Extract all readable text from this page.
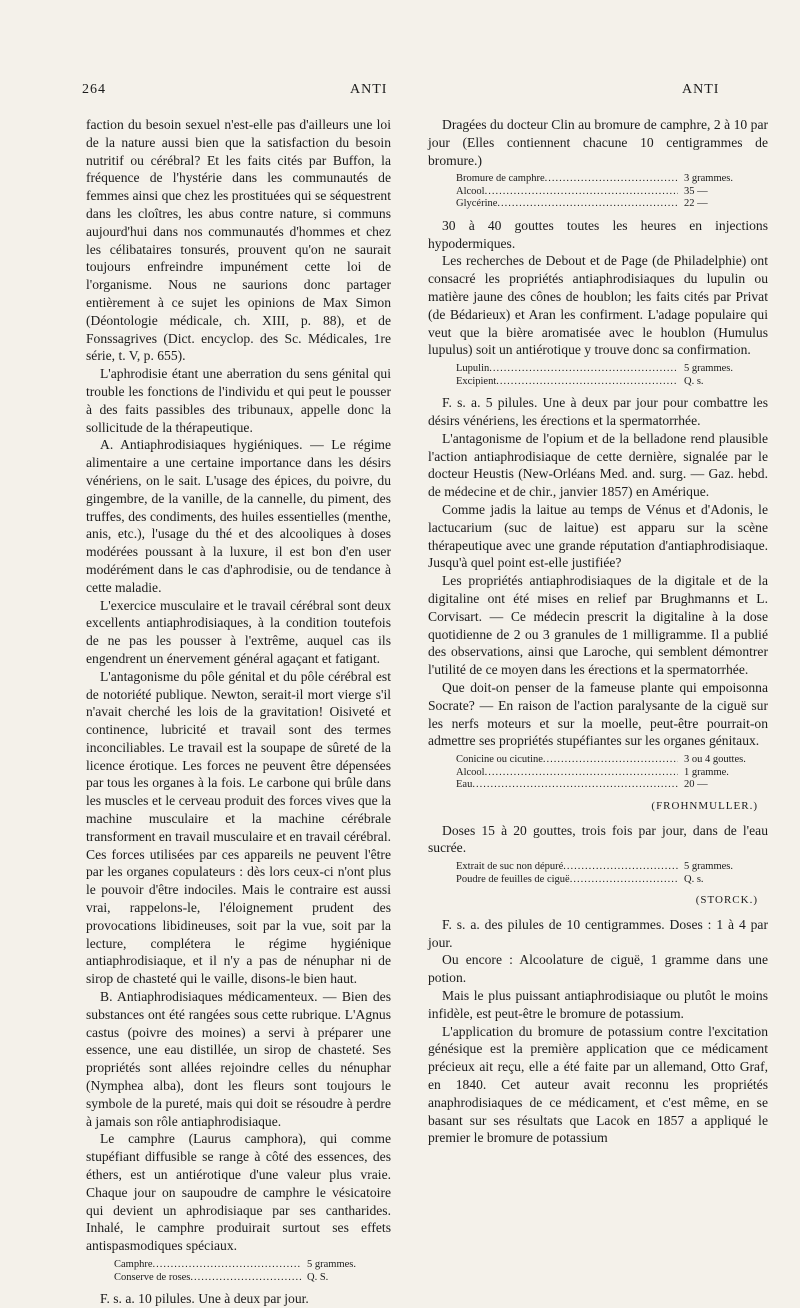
264	ANTI	ANTI

faction du besoin sexuel n'est-elle pas d'ailleurs une loi de la nature aussi bien que la satisfaction du besoin nutritif ou cérébral? Et les faits cités par Buffon, la fréquence de l'hystérie dans les communautés de femmes ainsi que chez les prostituées qui se séquestrent dans les cloîtres, les abus contre nature, si communs aujourd'hui dans nos communautés d'hommes et chez les célibataires tonsurés, prouvent qu'on ne saurait toujours enfreindre impunément cette loi de l'organisme. Nous ne saurions donc partager entièrement à ce sujet les opinions de Max Simon (Déontologie médicale, ch. XIII, p. 88), et de Fonssagrives (Dict. encyclop. des Sc. Médicales, 1re série, t. V, p. 655).

L'aphrodisie étant une aberration du sens génital qui trouble les fonctions de l'individu et qui peut le pousser à des faits passibles des tribunaux, appelle donc la sollicitude de la thérapeutique.

A. Antiaphrodisiaques hygiéniques. — Le régime alimentaire a une certaine importance dans les désirs vénériens, on le sait. L'usage des épices, du poivre, du gingembre, de la vanille, de la cannelle, du piment, des truffes, des condiments, des huiles essentielles (menthe, anis, etc.), l'usage du thé et des alcooliques à doses modérées poussant à la luxure, il est bon d'en user modérément dans le cas d'aphrodisie, ou de tendance à cette maladie.

L'exercice musculaire et le travail cérébral sont deux excellents antiaphrodisiaques, à la condition toutefois de ne pas les pousser à l'extrême, auquel cas ils engendrent un énervement général agaçant et fatigant.

L'antagonisme du pôle génital et du pôle cérébral est de notoriété publique. Newton, serait-il mort vierge s'il n'avait cherché les lois de la gravitation! Oisiveté et continence, lubricité et travail sont des termes inconciliables. Le travail est la soupape de sûreté de la licence érotique. Les forces ne peuvent être dépensées par tous les organes à la fois. Le carbone qui brûle dans les muscles et le cerveau produit des forces vives que la machine musculaire et la machine cérébrale transforment en travail musculaire et en travail cérébral. Ces forces utilisées par ces appareils ne peuvent l'être par les organes copulateurs : dès lors ceux-ci n'ont plus le pouvoir d'être indociles. Mais le contraire est aussi vrai, rappelons-le, l'éloignement prudent des provocations libidineuses, soit par la vue, soit par la lecture, complétera le régime hygiénique antiaphrodisiaque, et il n'y a pas de nénuphar ni de sirop de chasteté qui le vaille, disons-le bien haut.

B. Antiaphrodisiaques médicamenteux. — Bien des substances ont été rangées sous cette rubrique. L'Agnus castus (poivre des moines) a servi à préparer une essence, une eau distillée, un sirop de chasteté. Ses propriétés sont allées rejoindre celles du nénuphar (Nymphea alba), dont les fleurs sont toujours le symbole de la pureté, mais qui doit se résoudre à perdre à jamais son rôle antiaphrodisiaque.

Le camphre (Laurus camphora), qui comme stupéfiant diffusible se range à côté des essences, des éthers, est un antiérotique d'une valeur plus vraie. Chaque jour on saupoudre de camphre le vésicatoire qui devient un aphrodisiaque par ses cantharides. Inhalé, le camphre produirait surtout ses effets antispasmodiques spéciaux.

Camphre .....	5 grammes.
Conserve de roses .....	Q. S.

F. s. a. 10 pilules. Une à deux par jour.

Dragées du docteur Clin au bromure de camphre, 2 à 10 par jour (Elles contiennent chacune 10 centigrammes de bromure.)

Bromure de camphre .....	3 grammes.
Alcool .....	35 —
Glycérine .....	22 —

30 à 40 gouttes toutes les heures en injections hypodermiques.

Les recherches de Debout et de Page (de Philadelphie) ont consacré les propriétés antiaphrodisiaques du lupulin ou matière jaune des cônes de houblon; les faits cités par Privat (de Bédarieux) et Aran les confirment. L'adage populaire qui veut que la bière aromatisée avec le houblon (Humulus lupulus) soit un antiérotique y trouve donc sa confirmation.

Lupulin .....	5 grammes.
Excipient .....	Q. s.

F. s. a. 5 pilules. Une à deux par jour pour combattre les désirs vénériens, les érections et la spermatorrhée.

L'antagonisme de l'opium et de la belladone rend plausible l'action antiaphrodisiaque de cette dernière, signalée par le docteur Heustis (New-Orléans Med. and. surg. — Gaz. hebd. de médecine et de chir., janvier 1857) en Amérique.

Comme jadis la laitue au temps de Vénus et d'Adonis, le lactucarium (suc de laitue) est apparu sur la scène thérapeutique avec une grande réputation d'antiaphrodisiaque. Jusqu'à quel point est-elle justifiée?

Les propriétés antiaphrodisiaques de la digitale et de la digitaline ont été mises en relief par Brughmanns et L. Corvisart. — Ce médecin prescrit la digitaline à la dose quotidienne de 2 ou 3 granules de 1 milligramme. Il a publié des observations, ainsi que Laroche, qui semblent démontrer l'utilité de ce moyen dans les érections et la spermatorrhée.

Que doit-on penser de la fameuse plante qui empoisonna Socrate? — En raison de l'action paralysante de la ciguë sur les nerfs moteurs et sur la moelle, peut-être pourrait-on admettre ses propriétés stupéfiantes sur les organes génitaux.

Conicine ou cicutine .....	3 ou 4 gouttes.
Alcool .....	1 gramme.
Eau .....	20 —
(FROHNMULLER.)

Doses 15 à 20 gouttes, trois fois par jour, dans de l'eau sucrée.

Extrait de suc non dépuré .....	5 grammes.
Poudre de feuilles de ciguë .....	Q. s.
(STORCK.)

F. s. a. des pilules de 10 centigrammes. Doses : 1 à 4 par jour.

Ou encore : Alcoolature de ciguë, 1 gramme dans une potion.

Mais le plus puissant antiaphrodisiaque ou plutôt le moins infidèle, est peut-être le bromure de potassium.

L'application du bromure de potassium contre l'excitation génésique est la première application que ce médicament précieux ait reçu, elle a été faite par un allemand, Otto Graf, en 1840. Cet auteur avait reconnu les propriétés anaphrodisiaques de ce médicament, et c'est même, en se basant sur ses résultats que Lacok en 1857 a appliqué le premier le bromure de potassium
